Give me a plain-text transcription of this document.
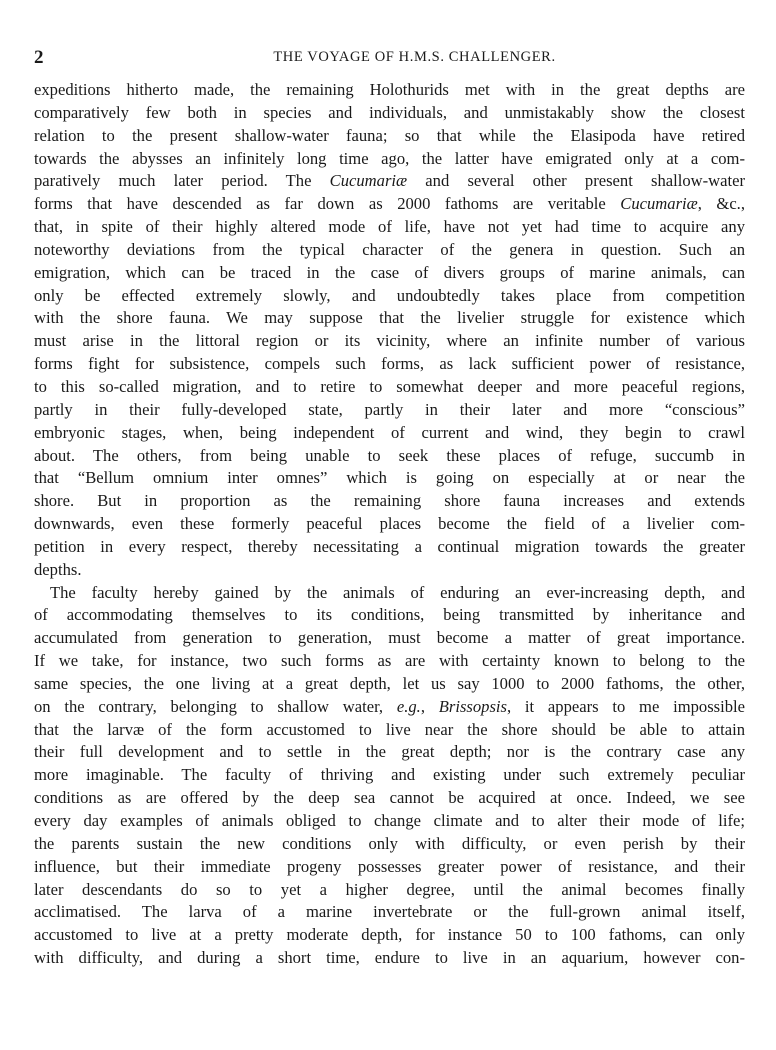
2	THE VOYAGE OF H.M.S. CHALLENGER.
expeditions hitherto made, the remaining Holothurids met with in the great depths are
comparatively few both in species and individuals, and unmistakably show the closest
relation to the present shallow-water fauna; so that while the Elasipoda have retired
towards the abysses an infinitely long time ago, the latter have emigrated only at a com-
paratively much later period. The Cucumariæ and several other present shallow-water
forms that have descended as far down as 2000 fathoms are veritable Cucumariæ, &c.,
that, in spite of their highly altered mode of life, have not yet had time to acquire any
noteworthy deviations from the typical character of the genera in question. Such an
emigration, which can be traced in the case of divers groups of marine animals, can
only be effected extremely slowly, and undoubtedly takes place from competition
with the shore fauna. We may suppose that the livelier struggle for existence which
must arise in the littoral region or its vicinity, where an infinite number of various
forms fight for subsistence, compels such forms, as lack sufficient power of resistance,
to this so-called migration, and to retire to somewhat deeper and more peaceful regions,
partly in their fully-developed state, partly in their later and more “conscious”
embryonic stages, when, being independent of current and wind, they begin to crawl
about. The others, from being unable to seek these places of refuge, succumb in
that “Bellum omnium inter omnes” which is going on especially at or near the
shore. But in proportion as the remaining shore fauna increases and extends
downwards, even these formerly peaceful places become the field of a livelier com-
petition in every respect, thereby necessitating a continual migration towards the greater
depths.
The faculty hereby gained by the animals of enduring an ever-increasing depth, and
of accommodating themselves to its conditions, being transmitted by inheritance and
accumulated from generation to generation, must become a matter of great importance.
If we take, for instance, two such forms as are with certainty known to belong to the
same species, the one living at a great depth, let us say 1000 to 2000 fathoms, the other,
on the contrary, belonging to shallow water, e.g., Brissopsis, it appears to me impossible
that the larvæ of the form accustomed to live near the shore should be able to attain
their full development and to settle in the great depth; nor is the contrary case any
more imaginable. The faculty of thriving and existing under such extremely peculiar
conditions as are offered by the deep sea cannot be acquired at once. Indeed, we see
every day examples of animals obliged to change climate and to alter their mode of life;
the parents sustain the new conditions only with difficulty, or even perish by their
influence, but their immediate progeny possesses greater power of resistance, and their
later descendants do so to yet a higher degree, until the animal becomes finally
acclimatised. The larva of a marine invertebrate or the full-grown animal itself,
accustomed to live at a pretty moderate depth, for instance 50 to 100 fathoms, can only
with difficulty, and during a short time, endure to live in an aquarium, however con-
